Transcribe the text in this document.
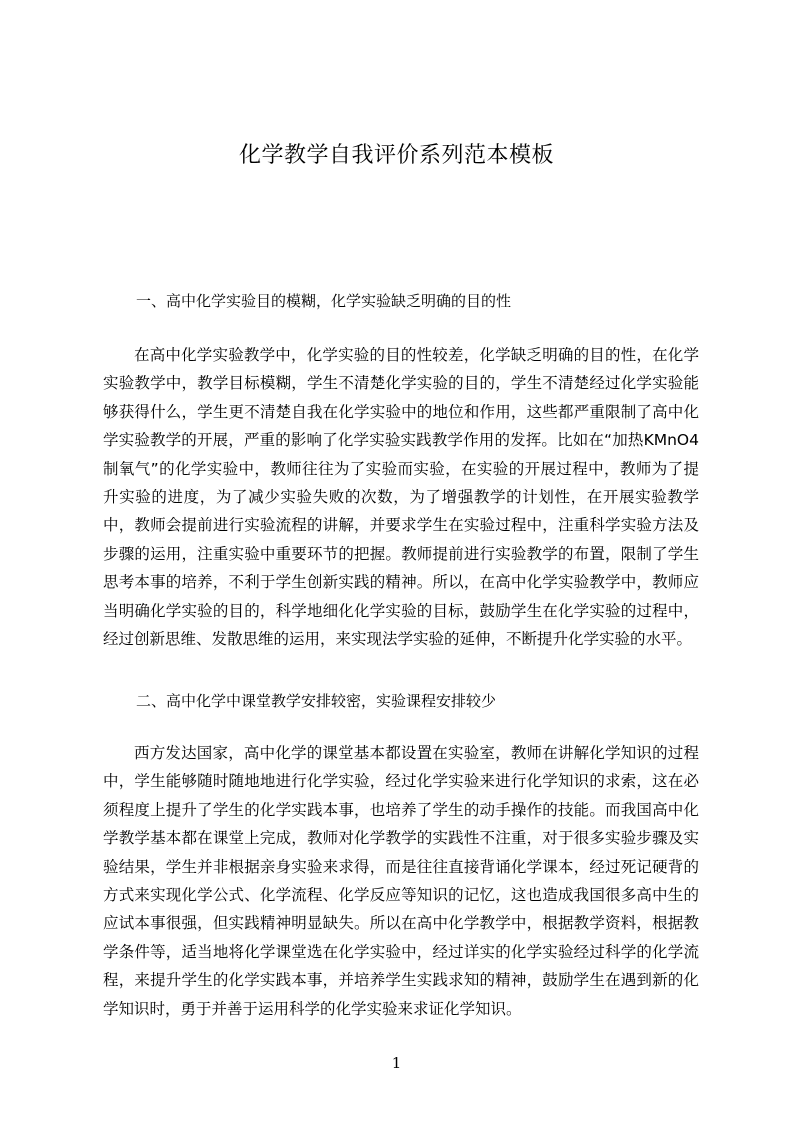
化学教学自我评价系列范本模板
一、高中化学实验目的模糊，化学实验缺乏明确的目的性

在高中化学实验教学中，化学实验的目的性较差，化学缺乏明确的目的性，在化学实验教学中，教学目标模糊，学生不清楚化学实验的目的，学生不清楚经过化学实验能够获得什么，学生更不清楚自我在化学实验中的地位和作用，这些都严重限制了高中化学实验教学的开展，严重的影响了化学实验实践教学作用的发挥。比如在“加热KMnO4制氧气”的化学实验中，教师往往为了实验而实验，在实验的开展过程中，教师为了提升实验的进度，为了减少实验失败的次数，为了增强教学的计划性，在开展实验教学中，教师会提前进行实验流程的讲解，并要求学生在实验过程中，注重科学实验方法及步骤的运用，注重实验中重要环节的把握。教师提前进行实验教学的布置，限制了学生思考本事的培养，不利于学生创新实践的精神。所以，在高中化学实验教学中，教师应当明确化学实验的目的，科学地细化化学实验的目标，鼓励学生在化学实验的过程中，经过创新思维、发散思维的运用，来实现法学实验的延伸，不断提升化学实验的水平。

二、高中化学中课堂教学安排较密，实验课程安排较少

西方发达国家，高中化学的课堂基本都设置在实验室，教师在讲解化学知识的过程中，学生能够随时随地地进行化学实验，经过化学实验来进行化学知识的求索，这在必须程度上提升了学生的化学实践本事，也培养了学生的动手操作的技能。而我国高中化学教学基本都在课堂上完成，教师对化学教学的实践性不注重，对于很多实验步骤及实验结果，学生并非根据亲身实验来求得，而是往往直接背诵化学课本，经过死记硬背的方式来实现化学公式、化学流程、化学反应等知识的记忆，这也造成我国很多高中生的应试本事很强，但实践精神明显缺失。所以在高中化学教学中，根据教学资料，根据教学条件等，适当地将化学课堂选在化学实验中，经过详实的化学实验经过科学的化学流程，来提升学生的化学实践本事，并培养学生实践求知的精神，鼓励学生在遇到新的化学知识时，勇于并善于运用科学的化学实验来求证化学知识。

1
